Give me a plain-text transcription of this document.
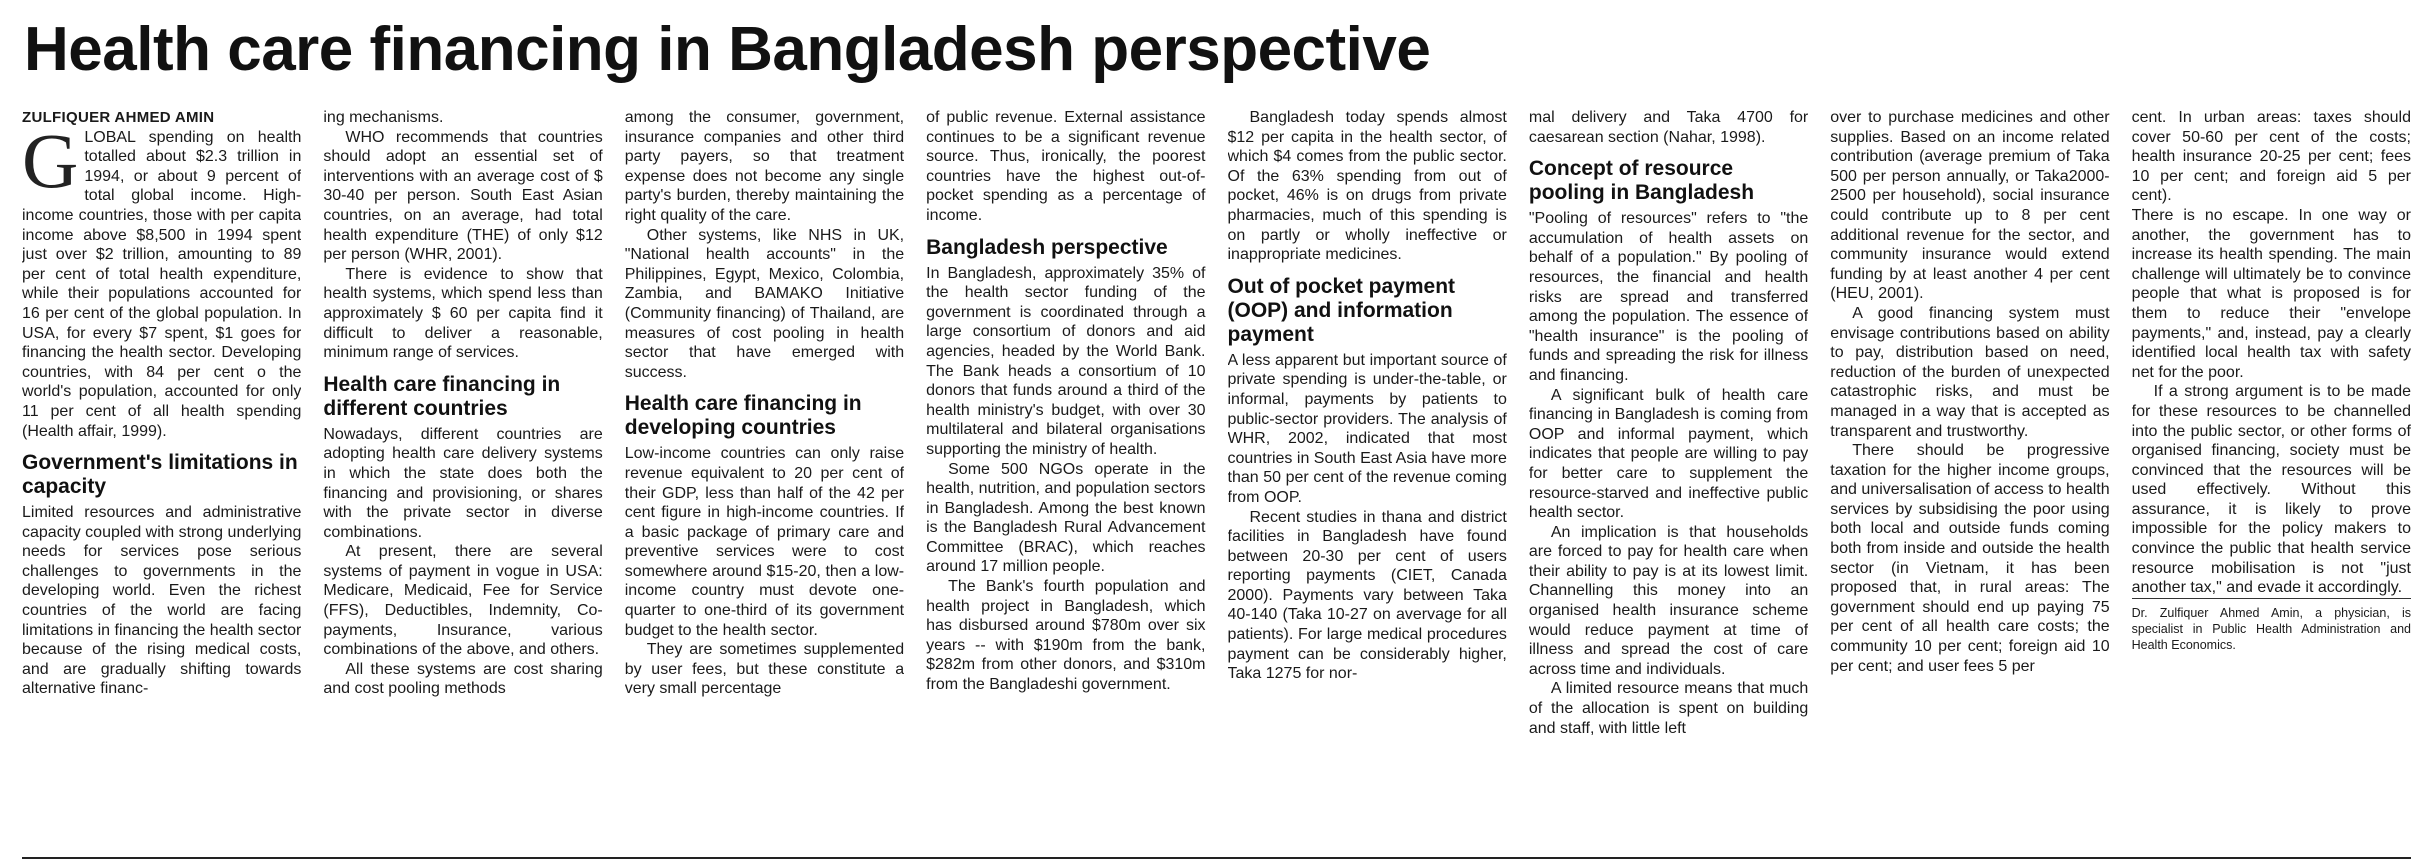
Health care financing in Bangladesh perspective

ZULFIQUER AHMED AMIN

GLOBAL spending on health totalled about $2.3 trillion in 1994, or about 9 percent of total global income. High-income countries, those with per capita income above $8,500 in 1994 spent just over $2 trillion, amounting to 89 per cent of total health expenditure, while their populations accounted for 16 per cent of the global population. In USA, for every $7 spent, $1 goes for financing the health sector. Developing countries, with 84 per cent o the world's population, accounted for only 11 per cent of all health spending (Health affair, 1999).

Government's limitations in capacity

Limited resources and administrative capacity coupled with strong underlying needs for services pose serious challenges to governments in the developing world. Even the richest countries of the world are facing limitations in financing the health sector because of the rising medical costs, and are gradually shifting towards alternative financ-

ing mechanisms.

WHO recommends that countries should adopt an essential set of interventions with an average cost of $ 30-40 per person. South East Asian countries, on an average, had total health expenditure (THE) of only $12 per person (WHR, 2001).

There is evidence to show that health systems, which spend less than approximately $ 60 per capita find it difficult to deliver a reasonable, minimum range of services.

Health care financing in different countries

Nowadays, different countries are adopting health care delivery systems in which the state does both the financing and provisioning, or shares with the private sector in diverse combinations.

At present, there are several systems of payment in vogue in USA: Medicare, Medicaid, Fee for Service (FFS), Deductibles, Indemnity, Co-payments, Insurance, various combinations of the above, and others.

All these systems are cost sharing and cost pooling methods

among the consumer, government, insurance companies and other third party payers, so that treatment expense does not become any single party's burden, thereby maintaining the right quality of the care.

Other systems, like NHS in UK, "National health accounts" in the Philippines, Egypt, Mexico, Colombia, Zambia, and BAMAKO Initiative (Community financing) of Thailand, are measures of cost pooling in health sector that have emerged with success.

Health care financing in developing countries

Low-income countries can only raise revenue equivalent to 20 per cent of their GDP, less than half of the 42 per cent figure in high-income countries. If a basic package of primary care and preventive services were to cost somewhere around $15-20, then a low-income country must devote one-quarter to one-third of its government budget to the health sector.

They are sometimes supplemented by user fees, but these constitute a very small percentage

of public revenue. External assistance continues to be a significant revenue source. Thus, ironically, the poorest countries have the highest out-of-pocket spending as a percentage of income.

Bangladesh perspective

In Bangladesh, approximately 35% of the health sector funding of the government is coordinated through a large consortium of donors and aid agencies, headed by the World Bank. The Bank heads a consortium of 10 donors that funds around a third of the health ministry's budget, with over 30 multilateral and bilateral organisations supporting the ministry of health.

Some 500 NGOs operate in the health, nutrition, and population sectors in Bangladesh. Among the best known is the Bangladesh Rural Advancement Committee (BRAC), which reaches around 17 million people.

The Bank's fourth population and health project in Bangladesh, which has disbursed around $780m over six years -- with $190m from the bank, $282m from other donors, and $310m from the Bangladeshi government.

Bangladesh today spends almost $12 per capita in the health sector, of which $4 comes from the public sector. Of the 63% spending from out of pocket, 46% is on drugs from private pharmacies, much of this spending is on partly or wholly ineffective or inappropriate medicines.

Out of pocket payment (OOP) and information payment

A less apparent but important source of private spending is under-the-table, or informal, payments by patients to public-sector providers. The analysis of WHR, 2002, indicated that most countries in South East Asia have more than 50 per cent of the revenue coming from OOP.

Recent studies in thana and district facilities in Bangladesh have found between 20-30 per cent of users reporting payments (CIET, Canada 2000). Payments vary between Taka 40-140 (Taka 10-27 on avervage for all patients). For large medical procedures payment can be considerably higher, Taka 1275 for nor-

mal delivery and Taka 4700 for caesarean section (Nahar, 1998).

Concept of resource pooling in Bangladesh

"Pooling of resources" refers to "the accumulation of health assets on behalf of a population." By pooling of resources, the financial and health risks are spread and transferred among the population. The essence of "health insurance" is the pooling of funds and spreading the risk for illness and financing.

A significant bulk of health care financing in Bangladesh is coming from OOP and informal payment, which indicates that people are willing to pay for better care to supplement the resource-starved and ineffective public health sector.

An implication is that households are forced to pay for health care when their ability to pay is at its lowest limit. Channelling this money into an organised health insurance scheme would reduce payment at time of illness and spread the cost of care across time and individuals.

A limited resource means that much of the allocation is spent on building and staff, with little left

over to purchase medicines and other supplies. Based on an income related contribution (average premium of Taka 500 per person annually, or Taka2000-2500 per household), social insurance could contribute up to 8 per cent additional revenue for the sector, and community insurance would extend funding by at least another 4 per cent (HEU, 2001).

A good financing system must envisage contributions based on ability to pay, distribution based on need, reduction of the burden of unexpected catastrophic risks, and must be managed in a way that is accepted as transparent and trustworthy.

There should be progressive taxation for the higher income groups, and universalisation of access to health services by subsidising the poor using both local and outside funds coming both from inside and outside the health sector (in Vietnam, it has been proposed that, in rural areas: The government should end up paying 75 per cent of all health care costs; the community 10 per cent; foreign aid 10 per cent; and user fees 5 per

cent. In urban areas: taxes should cover 50-60 per cent of the costs; health insurance 20-25 per cent; fees 10 per cent; and foreign aid 5 per cent).

There is no escape. In one way or another, the government has to increase its health spending. The main challenge will ultimately be to convince people that what is proposed is for them to reduce their "envelope payments," and, instead, pay a clearly identified local health tax with safety net for the poor.

If a strong argument is to be made for these resources to be channelled into the public sector, or other forms of organised financing, society must be convinced that the resources will be used effectively. Without this assurance, it is likely to prove impossible for the policy makers to convince the public that health service resource mobilisation is not "just another tax," and evade it accordingly.

Dr. Zulfiquer Ahmed Amin, a physician, is specialist in Public Health Administration and Health Economics.
